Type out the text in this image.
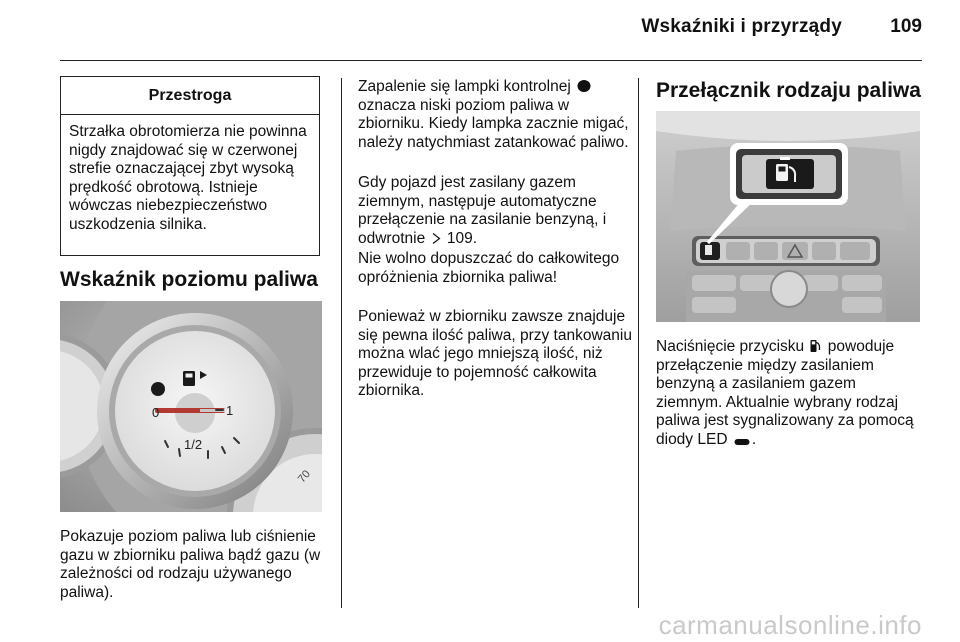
Wskaźniki i przyrządy	109
Przestroga
Strzałka obrotomierza nie powinna nigdy znajdować się w czerwonej strefie oznaczającej zbyt wysoką prędkość obrotową. Istnieje wówczas niebezpieczeństwo uszkodzenia silnika.
Wskaźnik poziomu paliwa
0
1/2
1
70
Pokazuje poziom paliwa lub ciśnienie gazu w zbiorniku paliwa bądź gazu (w zależności od rodzaju używanego paliwa).
Zapalenie się lampki kontrolnej  oznacza niski poziom paliwa w zbiorniku. Kiedy lampka zacznie migać, należy natychmiast zatankować paliwo.
Gdy pojazd jest zasilany gazem ziemnym, następuje automatyczne przełączenie na zasilanie benzyną, i odwrotnie 109.
Nie wolno dopuszczać do całkowitego opróżnienia zbiornika paliwa!
Ponieważ w zbiorniku zawsze znajduje się pewna ilość paliwa, przy tankowaniu można wlać jego mniejszą ilość, niż przewiduje to pojemność całkowita zbiornika.
Przełącznik rodzaju paliwa
Naciśnięcie przycisku powoduje przełączenie między zasilaniem benzyną a zasilaniem gazem ziemnym. Aktualnie wybrany rodzaj paliwa jest sygnalizowany za pomocą diody LED .
carmanualsonline.info
